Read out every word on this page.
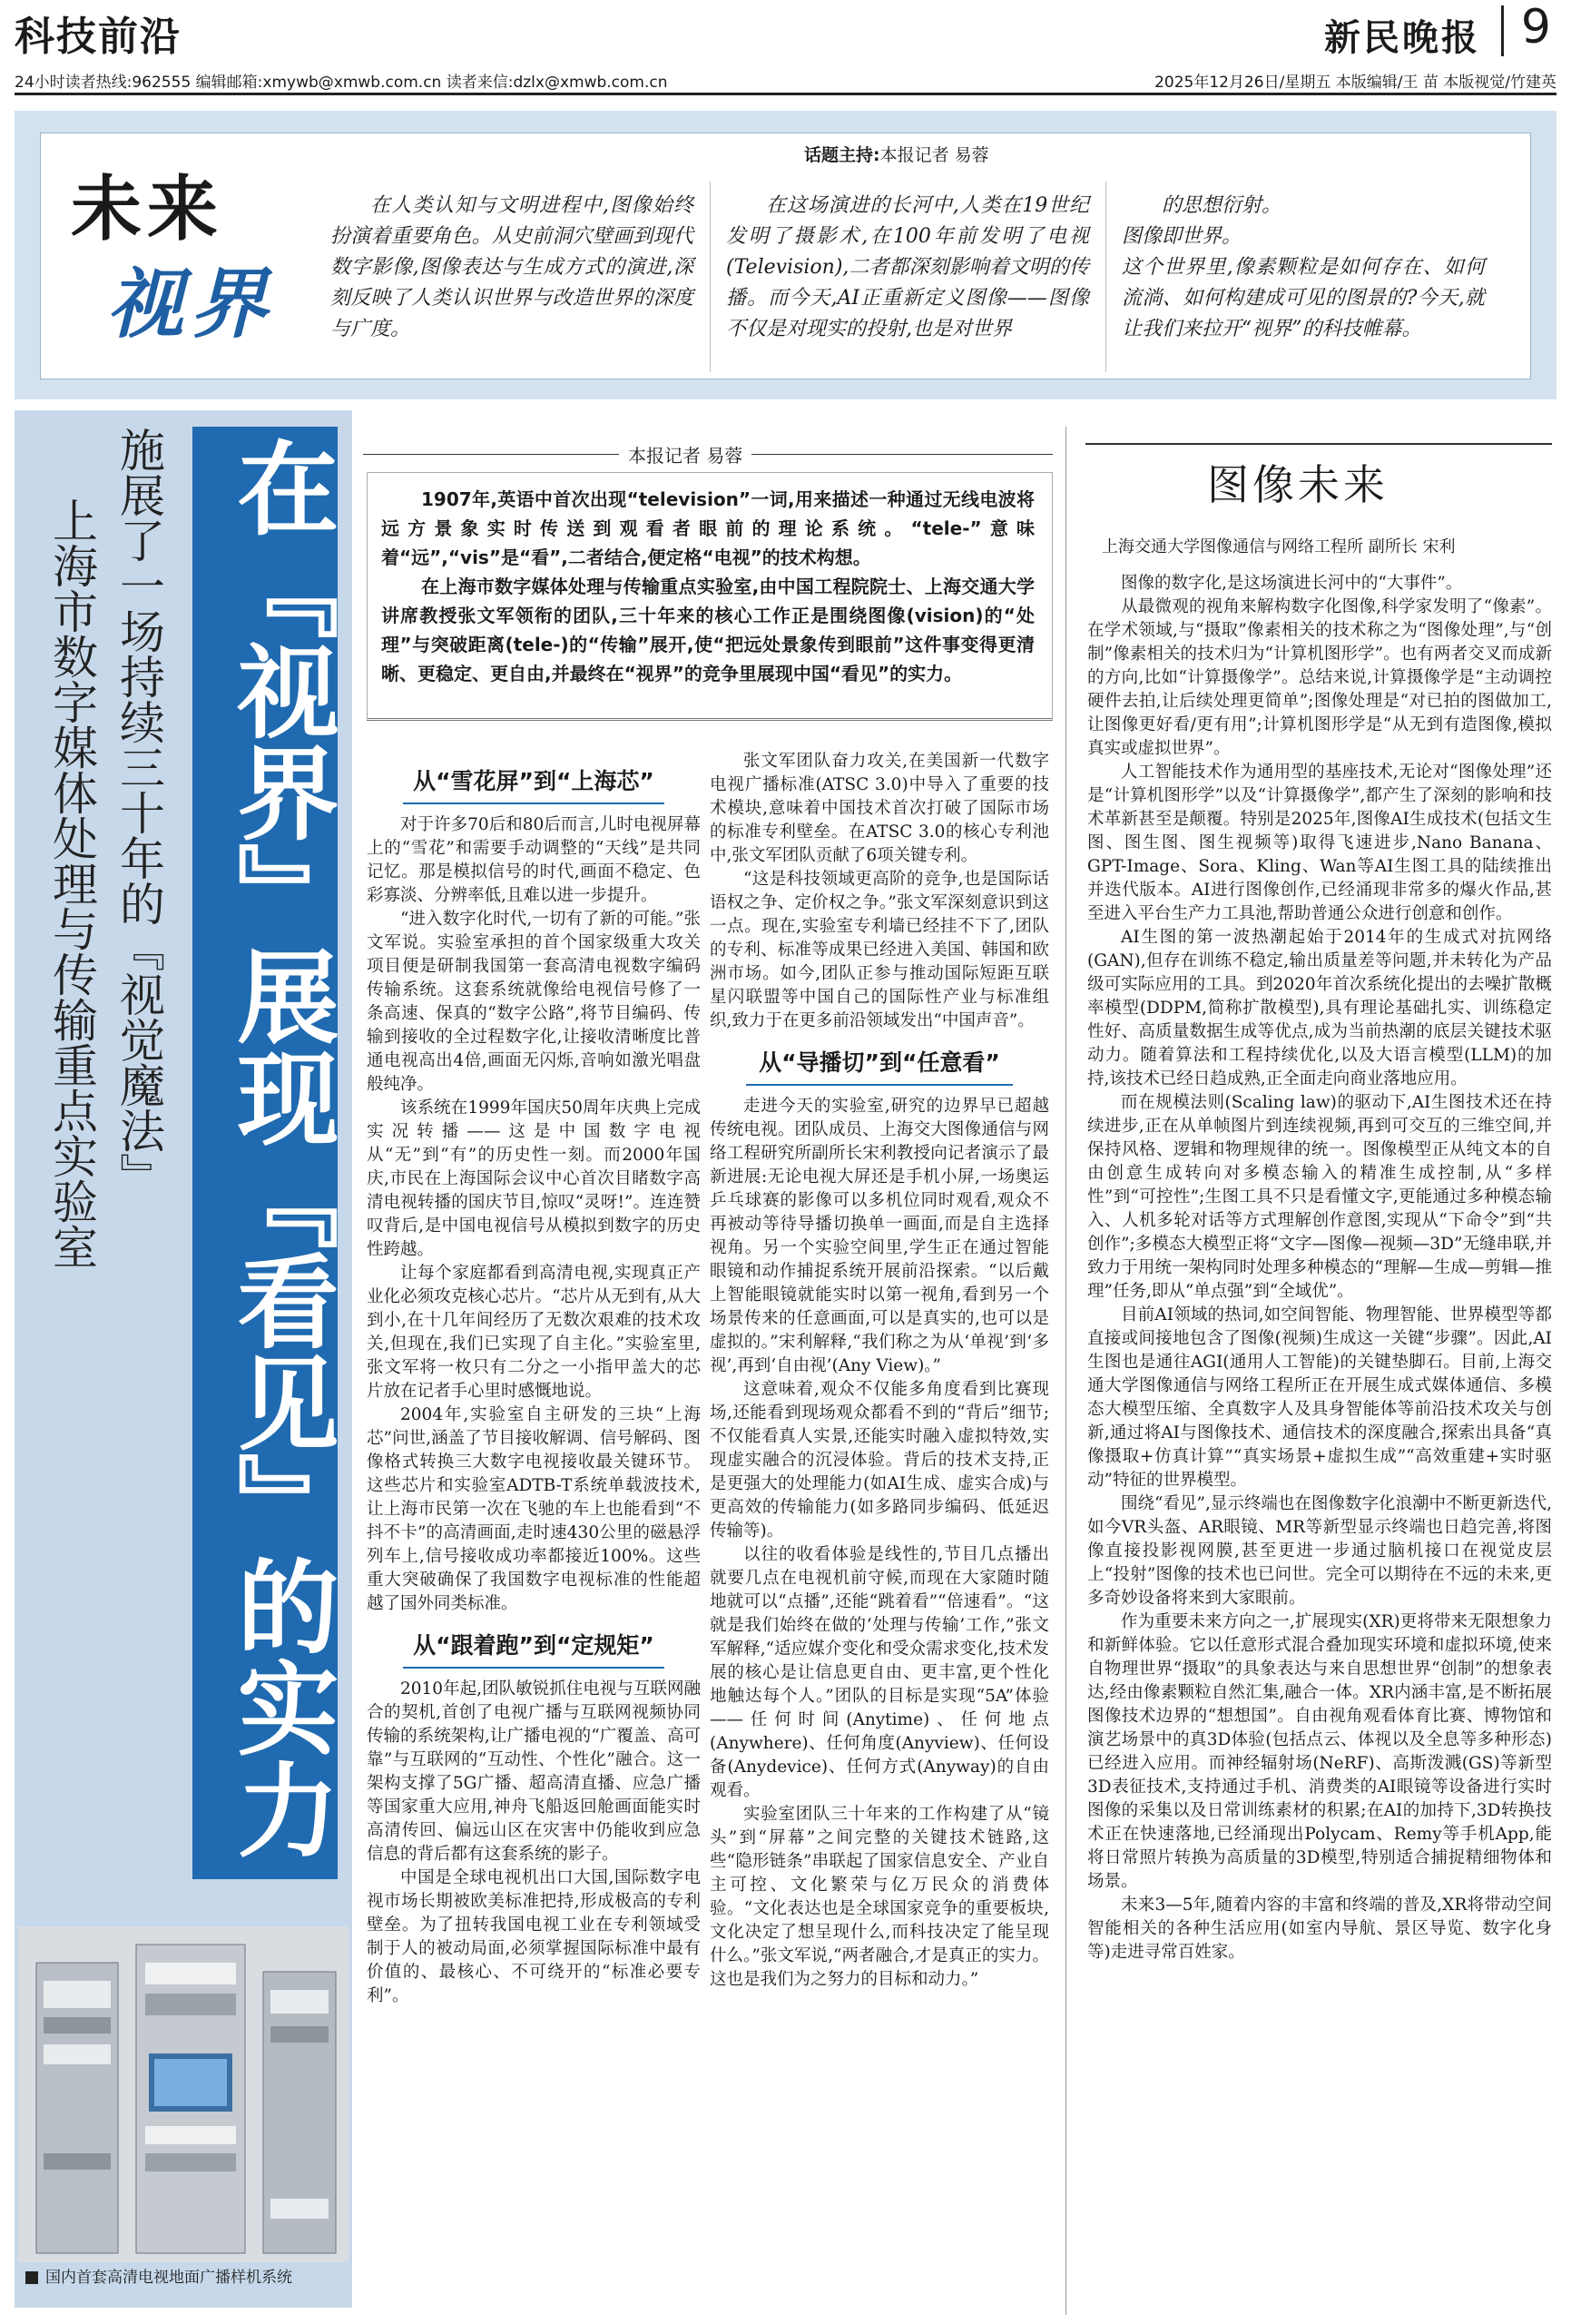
科技前沿	新民晚报 9
24小时读者热线:962555 编辑邮箱:xmywb@xmwb.com.cn 读者来信:dzlx@xmwb.com.cn	2025年12月26日/星期五 本版编辑/王 苗 本版视觉/竹建英
未来
视界
话题主持:本报记者 易蓉
在人类认知与文明进程中,图像始终扮演着重要角色。从史前洞穴壁画到现代数字影像,图像表达与生成方式的演进,深刻反映了人类认识世界与改造世界的深度与广度。
在这场演进的长河中,人类在19世纪发明了摄影术,在100年前发明了电视(Television),二者都深刻影响着文明的传播。而今天,AI正重新定义图像——图像不仅是对现实的投射,也是对世界
的思想衍射。
图像即世界。
这个世界里,像素颗粒是如何存在、如何流淌、如何构建成可见的图景的?今天,就让我们来拉开“视界”的科技帷幕。
施展了一场持续三十年的『视觉魔法』
上海市数字媒体处理与传输重点实验室 在『视界』展现『看见』的实力
国内首套高清电视地面广播样机系统
本报记者 易蓉

1907年,英语中首次出现“television”一词,用来描述一种通过无线电波将远方景象实时传送到观看者眼前的理论系统。“tele-”意味着“远”,“vis”是“看”,二者结合,便定格“电视”的技术构想。

在上海市数字媒体处理与传输重点实验室,由中国工程院院士、上海交通大学讲席教授张文军领衔的团队,三十年来的核心工作正是围绕图像(vision)的“处理”与突破距离(tele-)的“传输”展开,使“把远处景象传到眼前”这件事变得更清晰、更稳定、更自由,并最终在“视界”的竞争里展现中国“看见”的实力。

从“雪花屏”到“上海芯”

对于许多70后和80后而言,儿时电视屏幕上的“雪花”和需要手动调整的“天线”是共同记忆。那是模拟信号的时代,画面不稳定、色彩寡淡、分辨率低,且难以进一步提升。

“进入数字化时代,一切有了新的可能。”张文军说。实验室承担的首个国家级重大攻关项目便是研制我国第一套高清电视数字编码传输系统。这套系统就像给电视信号修了一条高速、保真的“数字公路”,将节目编码、传输到接收的全过程数字化,让接收清晰度比普通电视高出4倍,画面无闪烁,音响如激光唱盘般纯净。

该系统在1999年国庆50周年庆典上完成实况转播——这是中国数字电视从“无”到“有”的历史性一刻。而2000年国庆,市民在上海国际会议中心首次目睹数字高清电视转播的国庆节目,惊叹“灵呀!”。连连赞叹背后,是中国电视信号从模拟到数字的历史性跨越。

让每个家庭都看到高清电视,实现真正产业化必须攻克核心芯片。“芯片从无到有,从大到小,在十几年间经历了无数次艰难的技术攻关,但现在,我们已实现了自主化。”实验室里,张文军将一枚只有二分之一小指甲盖大的芯片放在记者手心里时感慨地说。

2004年,实验室自主研发的三块“上海芯”问世,涵盖了节目接收解调、信号解码、图像格式转换三大数字电视接收最关键环节。这些芯片和实验室ADTB-T系统单载波技术,让上海市民第一次在飞驰的车上也能看到“不抖不卡”的高清画面,走时速430公里的磁悬浮列车上,信号接收成功率都接近100%。这些重大突破确保了我国数字电视标准的性能超越了国外同类标准。

从“跟着跑”到“定规矩”

2010年起,团队敏锐抓住电视与互联网融合的契机,首创了电视广播与互联网视频协同传输的系统架构,让广播电视的“广覆盖、高可靠”与互联网的“互动性、个性化”融合。这一架构支撑了5G广播、超高清直播、应急广播等国家重大应用,神舟飞船返回舱画面能实时高清传回、偏远山区在灾害中仍能收到应急信息的背后都有这套系统的影子。

中国是全球电视机出口大国,国际数字电视市场长期被欧美标准把持,形成极高的专利壁垒。为了扭转我国电视工业在专利领域受制于人的被动局面,必须掌握国际标准中最有价值的、最核心、不可绕开的“标准必要专利”。

张文军团队奋力攻关,在美国新一代数字电视广播标准(ATSC 3.0)中导入了重要的技术模块,意味着中国技术首次打破了国际市场的标准专利壁垒。在ATSC 3.0的核心专利池中,张文军团队贡献了6项关键专利。

“这是科技领域更高阶的竞争,也是国际话语权之争、定价权之争。”张文军深刻意识到这一点。现在,实验室专利墙已经挂不下了,团队的专利、标准等成果已经进入美国、韩国和欧洲市场。如今,团队正参与推动国际短距互联星闪联盟等中国自己的国际性产业与标准组织,致力于在更多前沿领域发出“中国声音”。

从“导播切”到“任意看”

走进今天的实验室,研究的边界早已超越传统电视。团队成员、上海交大图像通信与网络工程研究所副所长宋利教授向记者演示了最新进展:无论电视大屏还是手机小屏,一场奥运乒乓球赛的影像可以多机位同时观看,观众不再被动等待导播切换单一画面,而是自主选择视角。另一个实验空间里,学生正在通过智能眼镜和动作捕捉系统开展前沿探索。“以后戴上智能眼镜就能实时以第一视角,看到另一个场景传来的任意画面,可以是真实的,也可以是虚拟的。”宋利解释,“我们称之为从‘单视’到‘多视’,再到‘自由视’(Any View)。”

这意味着,观众不仅能多角度看到比赛现场,还能看到现场观众都看不到的“背后”细节;不仅能看真人实景,还能实时融入虚拟特效,实现虚实融合的沉浸体验。背后的技术支持,正是更强大的处理能力(如AI生成、虚实合成)与更高效的传输能力(如多路同步编码、低延迟传输等)。

以往的收看体验是线性的,节目几点播出就要几点在电视机前守候,而现在大家随时随地就可以“点播”,还能“跳着看”“倍速看”。“这就是我们始终在做的‘处理与传输’工作,”张文军解释,“适应媒介变化和受众需求变化,技术发展的核心是让信息更自由、更丰富,更个性化地触达每个人。”团队的目标是实现“5A”体验——任何时间(Anytime)、任何地点(Anywhere)、任何角度(Anyview)、任何设备(Anydevice)、任何方式(Anyway)的自由观看。

实验室团队三十年来的工作构建了从“镜头”到“屏幕”之间完整的关键技术链路,这些“隐形链条”串联起了国家信息安全、产业自主可控、文化繁荣与亿万民众的消费体验。“文化表达也是全球国家竞争的重要板块,文化决定了想呈现什么,而科技决定了能呈现什么。”张文军说,“两者融合,才是真正的实力。这也是我们为之努力的目标和动力。”

图像未来
上海交通大学图像通信与网络工程所 副所长 宋利

图像的数字化,是这场演进长河中的“大事件”。

从最微观的视角来解构数字化图像,科学家发明了“像素”。在学术领域,与“摄取”像素相关的技术称之为“图像处理”,与“创制”像素相关的技术归为“计算机图形学”。也有两者交叉而成新的方向,比如“计算摄像学”。总结来说,计算摄像学是“主动调控硬件去拍,让后续处理更简单”;图像处理是“对已拍的图做加工,让图像更好看/更有用”;计算机图形学是“从无到有造图像,模拟真实或虚拟世界”。

人工智能技术作为通用型的基座技术,无论对“图像处理”还是“计算机图形学”以及“计算摄像学”,都产生了深刻的影响和技术革新甚至是颠覆。特别是2025年,图像AI生成技术(包括文生图、图生图、图生视频等)取得飞速进步,Nano Banana、GPT-Image、Sora、Kling、Wan等AI生图工具的陆续推出并迭代版本。AI进行图像创作,已经涌现非常多的爆火作品,甚至进入平台生产力工具池,帮助普通公众进行创意和创作。

AI生图的第一波热潮起始于2014年的生成式对抗网络(GAN),但存在训练不稳定,输出质量差等问题,并未转化为产品级可实际应用的工具。到2020年首次系统化提出的去噪扩散概率模型(DDPM,简称扩散模型),具有理论基础扎实、训练稳定性好、高质量数据生成等优点,成为当前热潮的底层关键技术驱动力。随着算法和工程持续优化,以及大语言模型(LLM)的加持,该技术已经日趋成熟,正全面走向商业落地应用。

而在规模法则(Scaling law)的驱动下,AI生图技术还在持续进步,正在从单帧图片到连续视频,再到可交互的三维空间,并保持风格、逻辑和物理规律的统一。图像模型正从纯文本的自由创意生成转向对多模态输入的精准生成控制,从“多样性”到“可控性”;生图工具不只是看懂文字,更能通过多种模态输入、人机多轮对话等方式理解创作意图,实现从“下命令”到“共创作”;多模态大模型正将“文字—图像—视频—3D”无缝串联,并致力于用统一架构同时处理多种模态的“理解—生成—剪辑—推理”任务,即从“单点强”到“全域优”。

目前AI领域的热词,如空间智能、物理智能、世界模型等都直接或间接地包含了图像(视频)生成这一关键“步骤”。因此,AI生图也是通往AGI(通用人工智能)的关键垫脚石。目前,上海交通大学图像通信与网络工程所正在开展生成式媒体通信、多模态大模型压缩、全真数字人及具身智能体等前沿技术攻关与创新,通过将AI与图像技术、通信技术的深度融合,探索出具备“真像摄取+仿真计算”“真实场景+虚拟生成”“高效重建+实时驱动”特征的世界模型。

围绕“看见”,显示终端也在图像数字化浪潮中不断更新迭代,如今VR头盔、AR眼镜、MR等新型显示终端也日趋完善,将图像直接投影视网膜,甚至更进一步通过脑机接口在视觉皮层上“投射”图像的技术也已问世。完全可以期待在不远的未来,更多奇妙设备将来到大家眼前。

作为重要未来方向之一,扩展现实(XR)更将带来无限想象力和新鲜体验。它以任意形式混合叠加现实环境和虚拟环境,使来自物理世界“摄取”的具象表达与来自思想世界“创制”的想象表达,经由像素颗粒自然汇集,融合一体。XR内涵丰富,是不断拓展图像技术边界的“想想国”。自由视角观看体育比赛、博物馆和演艺场景中的真3D体验(包括点云、体视以及全息等多种形态)已经进入应用。而神经辐射场(NeRF)、高斯泼溅(GS)等新型3D表征技术,支持通过手机、消费类的AI眼镜等设备进行实时图像的采集以及日常训练素材的积累;在AI的加持下,3D转换技术正在快速落地,已经涌现出Polycam、Remy等手机App,能将日常照片转换为高质量的3D模型,特别适合捕捉精细物体和场景。

未来3—5年,随着内容的丰富和终端的普及,XR将带动空间智能相关的各种生活应用(如室内导航、景区导览、数字化身等)走进寻常百姓家。
